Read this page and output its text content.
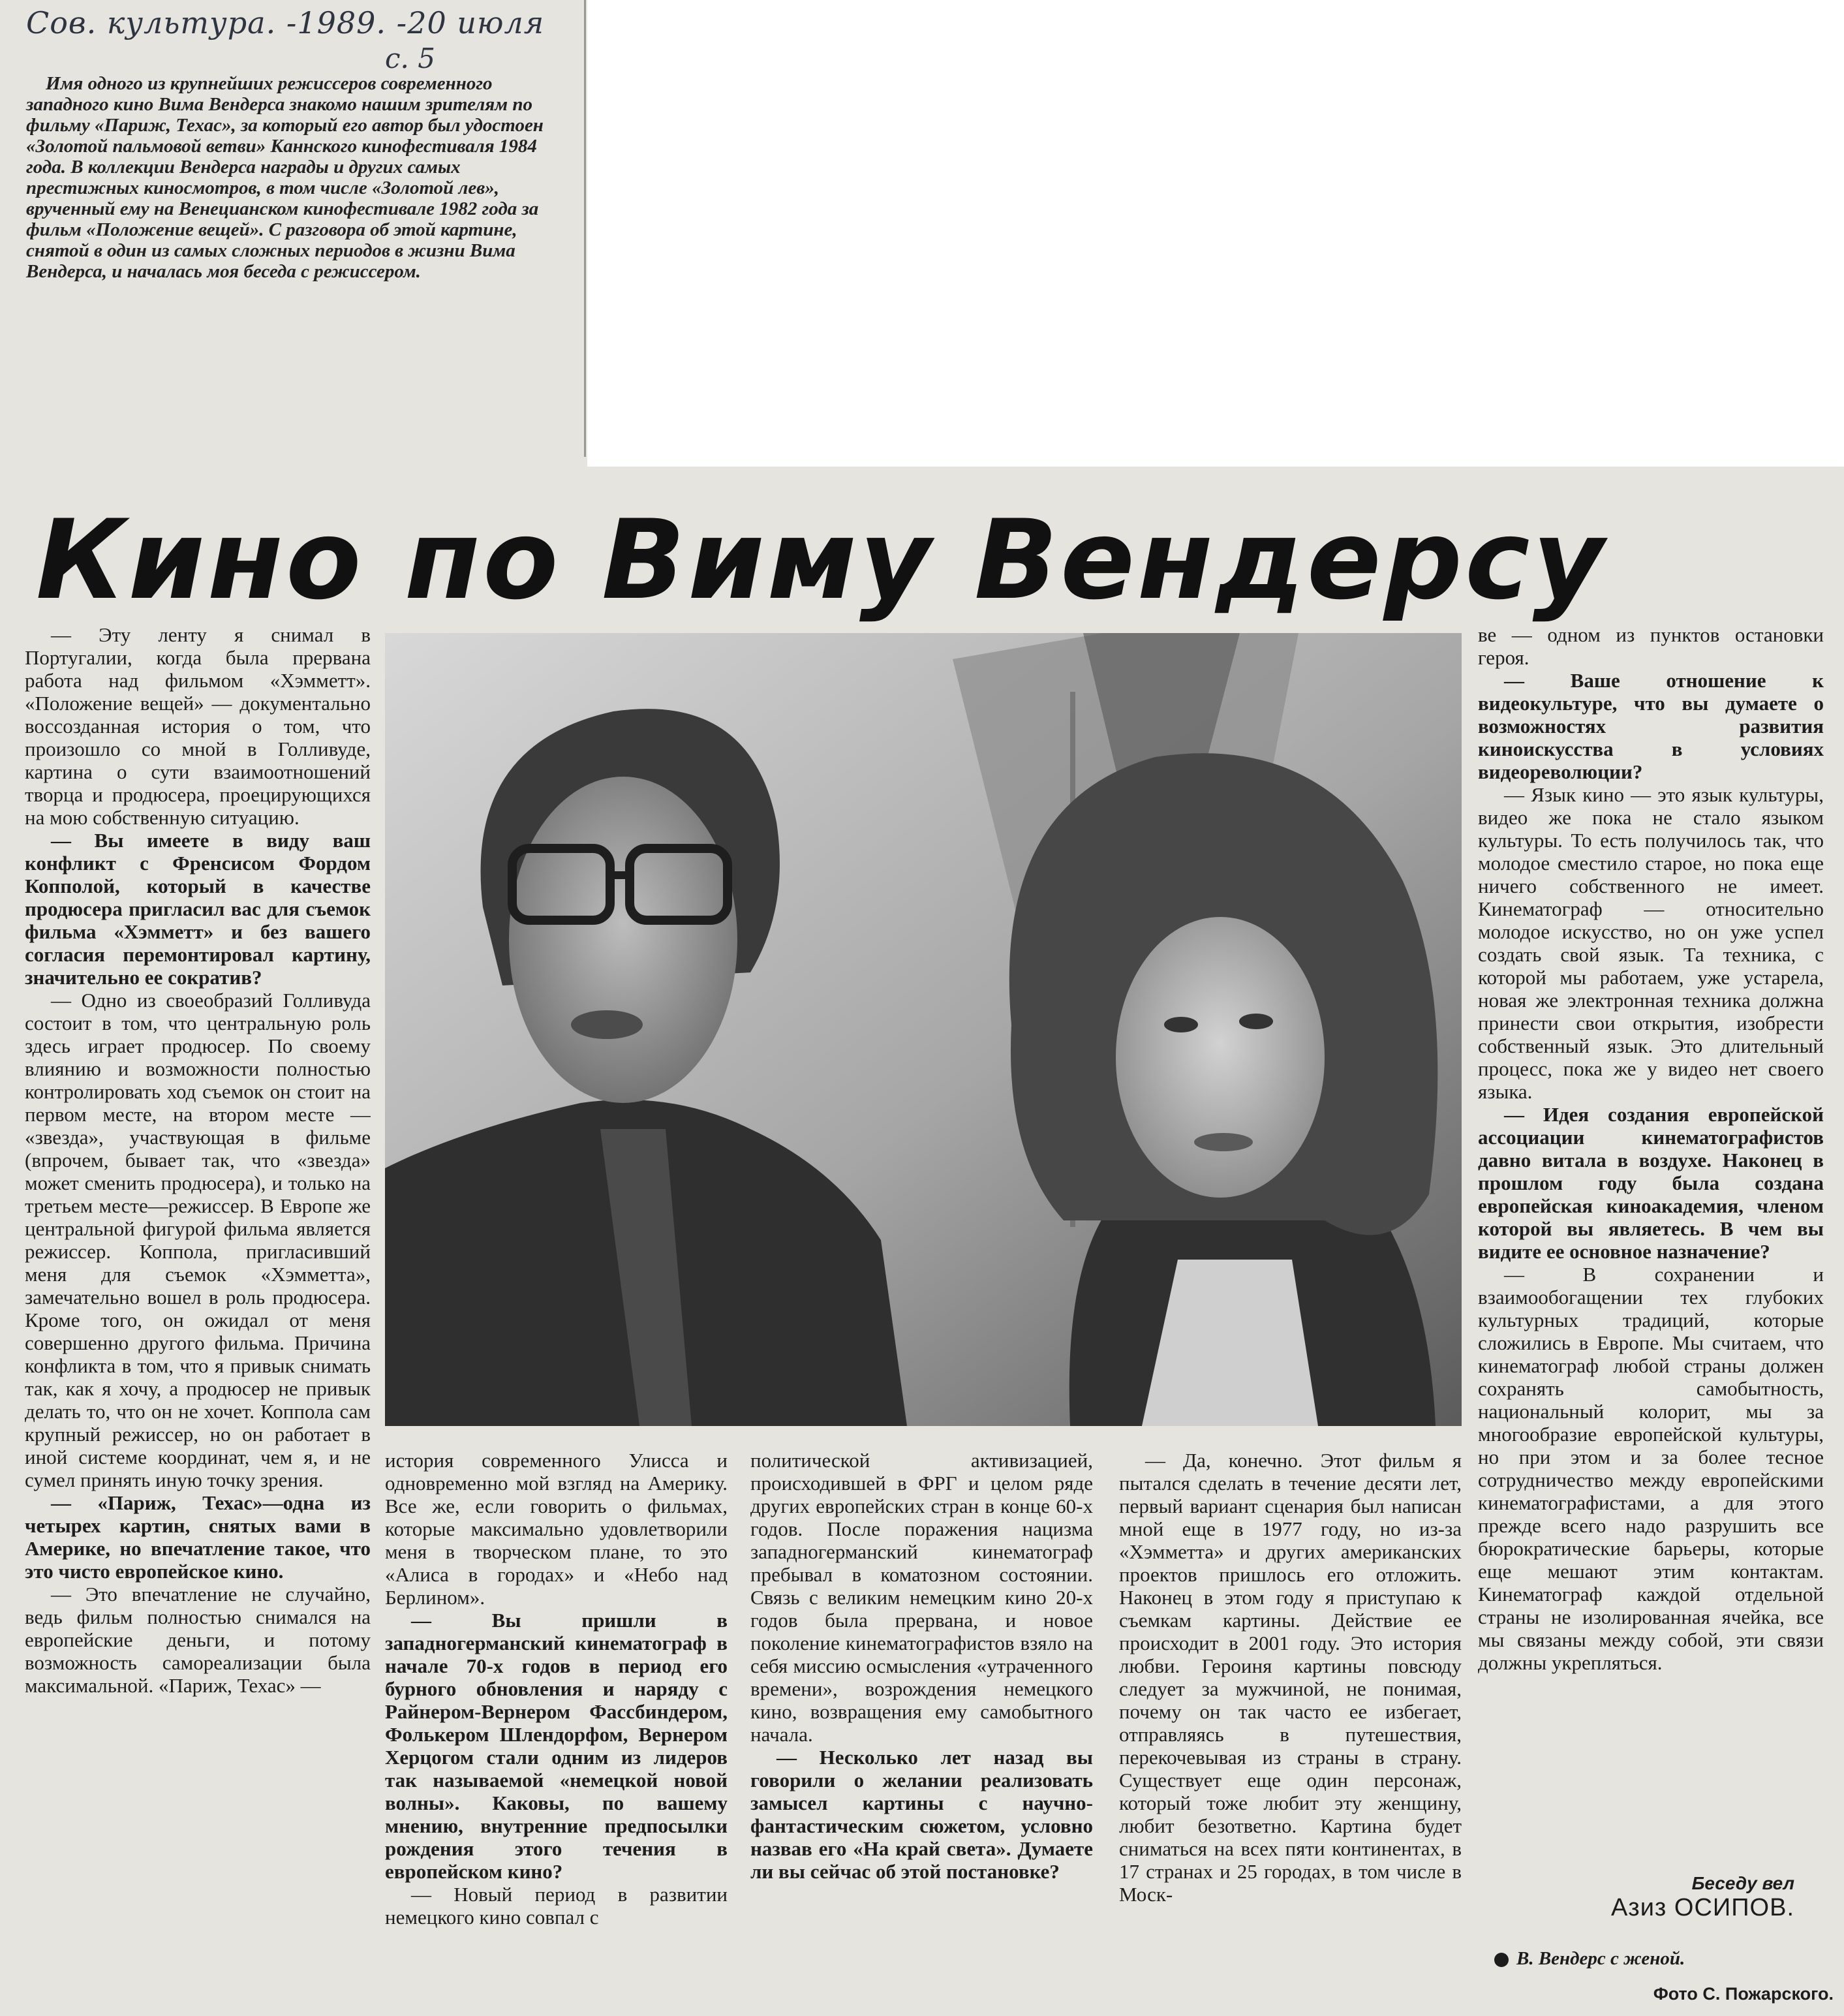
Сов. культура. -1989. -20 июля
с. 5
Имя одного из крупнейших режиссеров современного западного кино Вима Вендерса знакомо нашим зрителям по фильму «Париж, Техас», за который его автор был удостоен «Золотой пальмовой ветви» Каннского кинофестиваля 1984 года. В коллекции Вендерса награды и других самых престижных киносмотров, в том числе «Золотой лев», врученный ему на Венецианском кинофестивале 1982 года за фильм «Положение вещей». С разговора об этой картине, снятой в один из самых сложных периодов в жизни Вима Вендерса, и началась моя беседа с режиссером.
Кино по Виму Вендерсу

— Эту ленту я снимал в Португалии, когда была прервана работа над фильмом «Хэмметт». «Положение вещей» — документально воссозданная история о том, что произошло со мной в Голливуде, картина о сути взаимоотношений творца и продюсера, проецирующихся на мою собственную ситуацию.

— Вы имеете в виду ваш конфликт с Френсисом Фордом Копполой, который в качестве продюсера пригласил вас для съемок фильма «Хэмметт» и без вашего согласия перемонтировал картину, значительно ее сократив?

— Одно из своеобразий Голливуда состоит в том, что центральную роль здесь играет продюсер. По своему влиянию и возможности полностью контролировать ход съемок он стоит на первом месте, на втором месте — «звезда», участвующая в фильме (впрочем, бывает так, что «звезда» может сменить продюсера), и только на третьем месте—режиссер. В Европе же центральной фигурой фильма является режиссер. Коппола, пригласивший меня для съемок «Хэмметта», замечательно вошел в роль продюсера. Кроме того, он ожидал от меня совершенно другого фильма. Причина конфликта в том, что я привык снимать так, как я хочу, а продюсер не привык делать то, что он не хочет. Коппола сам крупный режиссер, но он работает в иной системе координат, чем я, и не сумел принять иную точку зрения.

— «Париж, Техас»—одна из четырех картин, снятых вами в Америке, но впечатление такое, что это чисто европейское кино.

— Это впечатление не случайно, ведь фильм полностью снимался на европейские деньги, и потому возможность самореализации была максимальной. «Париж, Техас» —

история современного Улисса и одновременно мой взгляд на Америку. Все же, если говорить о фильмах, которые максимально удовлетворили меня в творческом плане, то это «Алиса в городах» и «Небо над Берлином».

— Вы пришли в западногерманский кинематограф в начале 70-х годов в период его бурного обновления и наряду с Райнером-Вернером Фассбиндером, Фолькером Шлендорфом, Вернером Херцогом стали одним из лидеров так называемой «немецкой новой волны». Каковы, по вашему мнению, внутренние предпосылки рождения этого течения в европейском кино?

— Новый период в развитии немецкого кино совпал с

политической активизацией, происходившей в ФРГ и целом ряде других европейских стран в конце 60-х годов. После поражения нацизма западногерманский кинематограф пребывал в коматозном состоянии. Связь с великим немецким кино 20-х годов была прервана, и новое поколение кинематографистов взяло на себя миссию осмысления «утраченного времени», возрождения немецкого кино, возвращения ему самобытного начала.

— Несколько лет назад вы говорили о желании реализовать замысел картины с научно-фантастическим сюжетом, условно назвав его «На край света». Думаете ли вы сейчас об этой постановке?

— Да, конечно. Этот фильм я пытался сделать в течение десяти лет, первый вариант сценария был написан мной еще в 1977 году, но из-за «Хэмметта» и других американских проектов пришлось его отложить. Наконец в этом году я приступаю к съемкам картины. Действие ее происходит в 2001 году. Это история любви. Героиня картины повсюду следует за мужчиной, не понимая, почему он так часто ее избегает, отправляясь в путешествия, перекочевывая из страны в страну. Существует еще один персонаж, который тоже любит эту женщину, любит безответно. Картина будет сниматься на всех пяти континентах, в 17 странах и 25 городах, в том числе в Моск-

ве — одном из пунктов остановки героя.

— Ваше отношение к видеокультуре, что вы думаете о возможностях развития киноискусства в условиях видеореволюции?

— Язык кино — это язык культуры, видео же пока не стало языком культуры. То есть получилось так, что молодое сместило старое, но пока еще ничего собственного не имеет. Кинематограф — относительно молодое искусство, но он уже успел создать свой язык. Та техника, с которой мы работаем, уже устарела, новая же электронная техника должна принести свои открытия, изобрести собственный язык. Это длительный процесс, пока же у видео нет своего языка.

— Идея создания европейской ассоциации кинематографистов давно витала в воздухе. Наконец в прошлом году была создана европейская киноакадемия, членом которой вы являетесь. В чем вы видите ее основное назначение?

— В сохранении и взаимообогащении тех глубоких культурных традиций, которые сложились в Европе. Мы считаем, что кинематограф любой страны должен сохранять самобытность, национальный колорит, мы за многообразие европейской культуры, но при этом и за более тесное сотрудничество между европейскими кинематографистами, а для этого прежде всего надо разрушить все бюрократические барьеры, которые еще мешают этим контактам. Кинематограф каждой отдельной страны не изолированная ячейка, все мы связаны между собой, эти связи должны укрепляться.

Беседу вел
Азиз ОСИПОВ.
В. Вендерс с женой.
Фото С. Пожарского.
